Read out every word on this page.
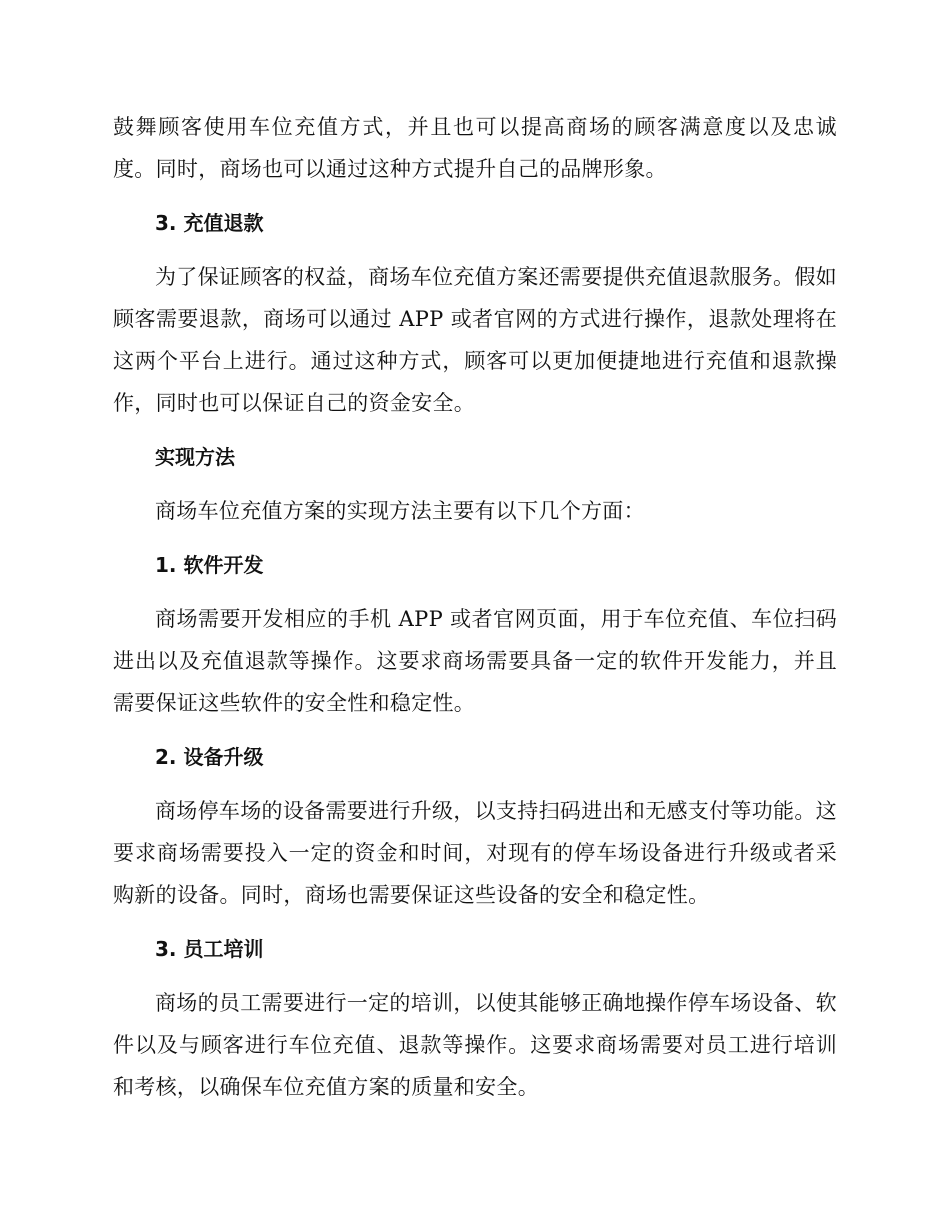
鼓舞顾客使用车位充值方式，并且也可以提高商场的顾客满意度以及忠诚度。同时，商场也可以通过这种方式提升自己的品牌形象。

3. 充值退款

为了保证顾客的权益，商场车位充值方案还需要提供充值退款服务。假如顾客需要退款，商场可以通过 APP 或者官网的方式进行操作，退款处理将在这两个平台上进行。通过这种方式，顾客可以更加便捷地进行充值和退款操作，同时也可以保证自己的资金安全。

实现方法

商场车位充值方案的实现方法主要有以下几个方面：

1. 软件开发

商场需要开发相应的手机 APP 或者官网页面，用于车位充值、车位扫码进出以及充值退款等操作。这要求商场需要具备一定的软件开发能力，并且需要保证这些软件的安全性和稳定性。

2. 设备升级

商场停车场的设备需要进行升级，以支持扫码进出和无感支付等功能。这要求商场需要投入一定的资金和时间，对现有的停车场设备进行升级或者采购新的设备。同时，商场也需要保证这些设备的安全和稳定性。

3. 员工培训

商场的员工需要进行一定的培训，以使其能够正确地操作停车场设备、软件以及与顾客进行车位充值、退款等操作。这要求商场需要对员工进行培训和考核，以确保车位充值方案的质量和安全。
